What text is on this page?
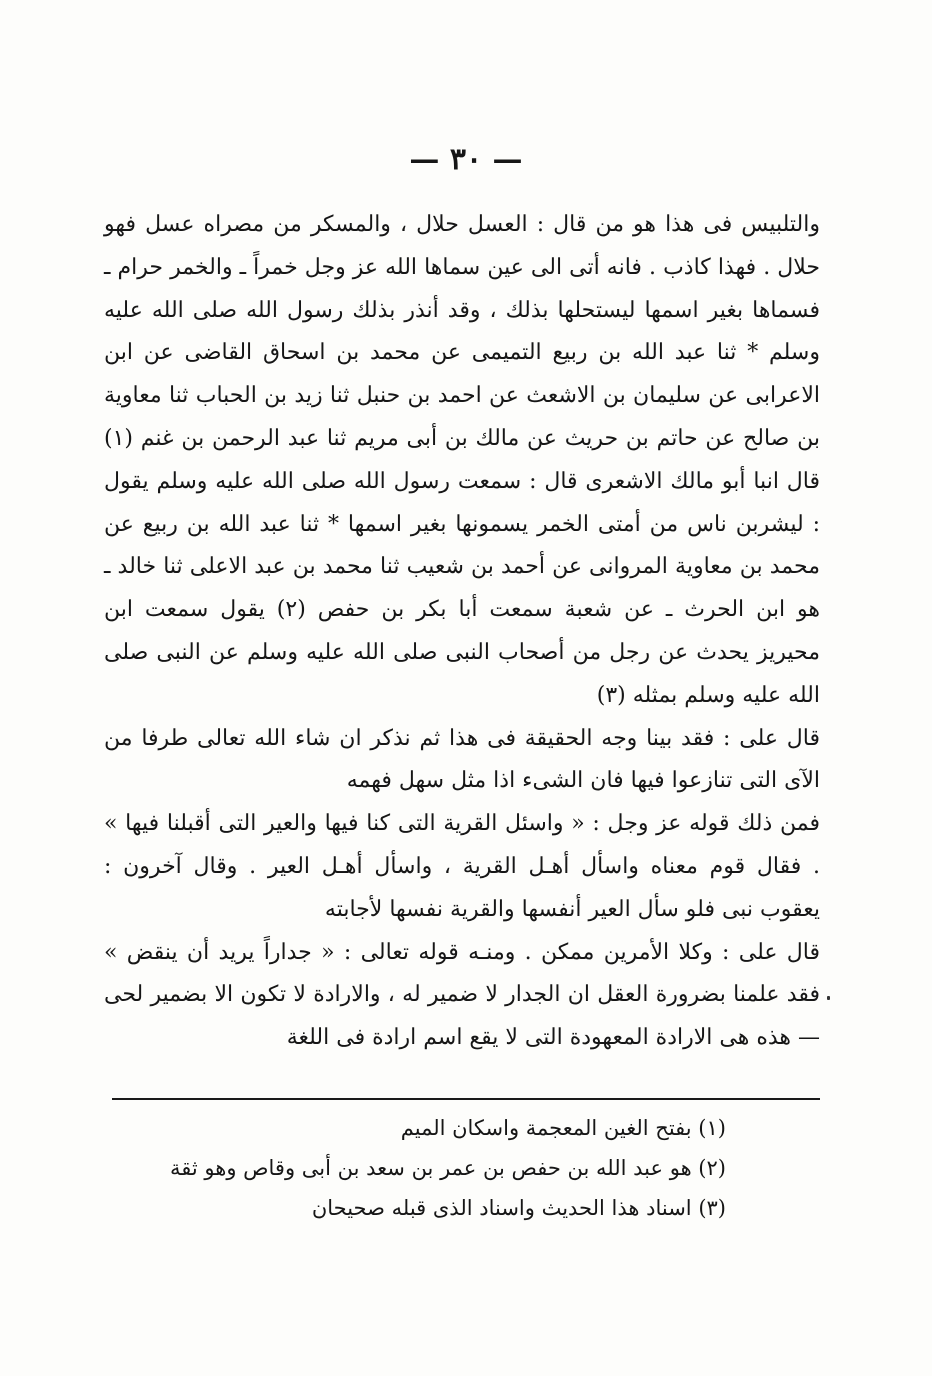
— ٣٠ —

والتلبيس فى هذا هو من قال : العسل حلال ، والمسكر من مصراه عسل فهو حلال . فهذا كاذب . فانه أتى الى عين سماها الله عز وجل خمراً ـ والخمر حرام ـ فسماها بغير اسمها ليستحلها بذلك ، وقد أنذر بذلك رسول الله صلى الله عليه وسلم * ثنا عبد الله بن ربيع التميمى عن محمد بن اسحاق القاضى عن ابن الاعرابى عن سليمان بن الاشعث عن احمد بن حنبل ثنا زيد بن الحباب ثنا معاوية بن صالح عن حاتم بن حريث عن مالك بن أبى مريم ثنا عبد الرحمن بن غنم (١) قال انبا أبو مالك الاشعرى قال : سمعت رسول الله صلى الله عليه وسلم يقول : ليشربن ناس من أمتى الخمر يسمونها بغير اسمها * ثنا عبد الله بن ربيع عن محمد بن معاوية المروانى عن أحمد بن شعيب ثنا محمد بن عبد الاعلى ثنا خالد ـ هو ابن الحرث ـ عن شعبة سمعت أبا بكر بن حفص (٢) يقول سمعت ابن محيريز يحدث عن رجل من أصحاب النبى صلى الله عليه وسلم عن النبى صلى الله عليه وسلم بمثله (٣)

قال على : فقد بينا وجه الحقيقة فى هذا ثم نذكر ان شاء الله تعالى طرفا من الآى التى تنازعوا فيها فان الشىء اذا مثل سهل فهمه

فمن ذلك قوله عز وجل : « واسئل القرية التى كنا فيها والعير التى أقبلنا فيها » . فقال قوم معناه واسأل أهـل القرية ، واسأل أهـل العير . وقال آخرون : يعقوب نبى فلو سأل العير أنفسها والقرية نفسها لأجابته

قال على : وكلا الأمرين ممكن . ومنـه قوله تعالى : « جداراً يريد أن ينقض » فقد علمنا بضرورة العقل ان الجدار لا ضمير له ، والارادة لا تكون الا بضمير لحى — هذه هى الارادة المعهودة التى لا يقع اسم ارادة فى اللغة

(١) بفتح الغين المعجمة واسكان الميم

(٢) هو عبد الله بن حفص بن عمر بن سعد بن أبى وقاص وهو ثقة

(٣) اسناد هذا الحديث واسناد الذى قبله صحيحان
